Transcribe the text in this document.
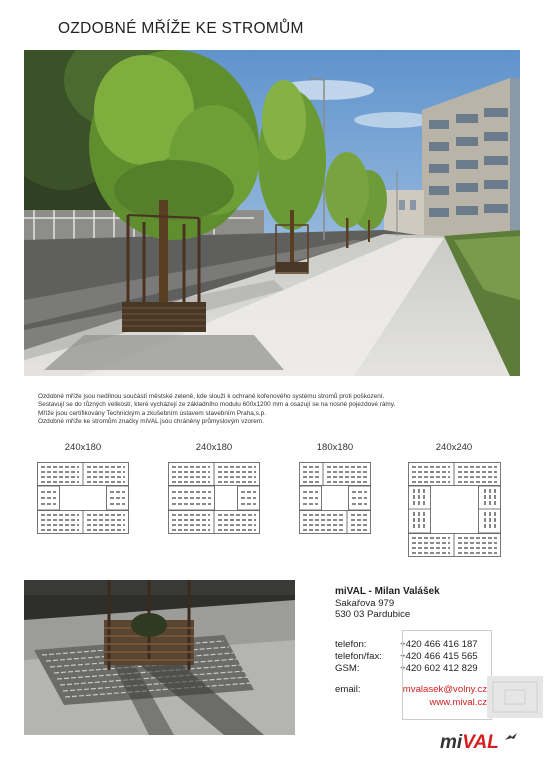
OZDOBNÉ MŘÍŽE KE STROMŮM
Ozdobné mříže jsou nedílnou součástí městské zeleně, kde slouží k ochraně kořenového systému stromů proti poškození.
Sestavují se do různých velikostí, které vycházejí ze základního modulu 600x1200 mm a osazují se na nosné pojezdové rámy.
Mříže jsou certifikovány Technickým a zkušebním ústavem stavebním Praha,s.p.
Ozdobné mříže ke stromům značky miVAL jsou chráněny průmyslovým vzorem.
240x180	240x180	180x180	240x240
miVAL - Milan Valášek
Sakařova 979
530 03 Pardubice
telefon:	+420 466 416 187
telefon/fax: +420 466 415 565
GSM:	+420 602 412 829
email:	mvalasek@volny.cz
www.mival.cz
miVAL
